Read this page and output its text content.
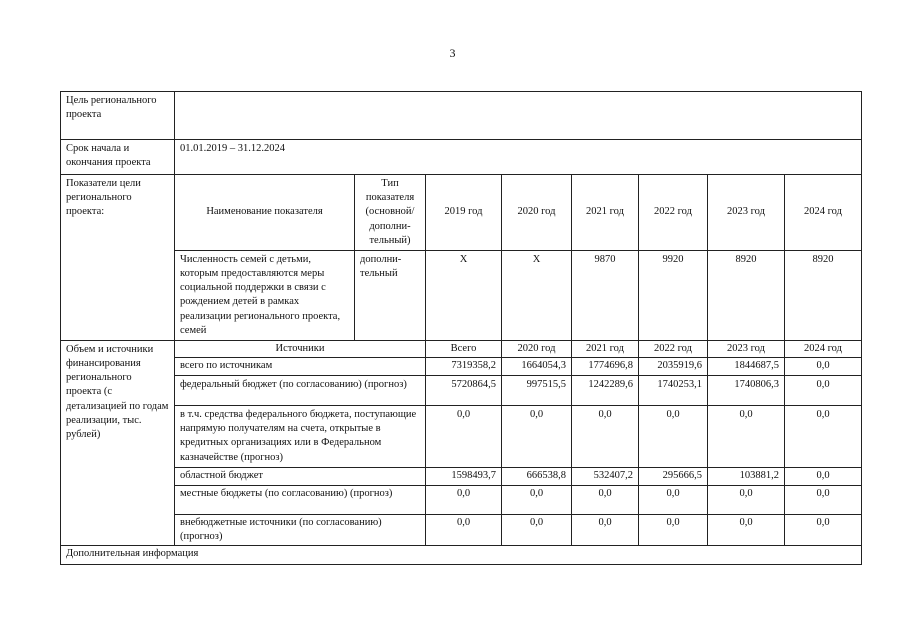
3
Цель регионального проекта								
Срок начала и окончания проекта	01.01.2019 – 31.12.2024							
Показатели цели регионального проекта:	Наименование показателя	Тип показателя (основной/ дополни- тельный)	2019 год	2020 год	2021 год	2022 год	2023 год	2024 год
	Численность семей с детьми, которым предоставляются меры социальной поддержки в связи с рождением детей в рамках реализации регионального проекта, семей	дополни- тельный	Х	Х	9870	9920	8920	8920
Объем и источники финансирования регионального проекта (с детализацией по годам реализации, тыс. рублей)	Источники		Всего	2020 год	2021 год	2022 год	2023 год	2024 год
	всего по источникам		7319358,2	1664054,3	1774696,8	2035919,6	1844687,5	0,0
	федеральный бюджет (по согласованию) (прогноз)		5720864,5	997515,5	1242289,6	1740253,1	1740806,3	0,0
	в т.ч. средства федерального бюджета, поступающие напрямую получателям на счета, открытые в кредитных организациях или в Федеральном казначействе (прогноз)		0,0	0,0	0,0	0,0	0,0	0,0
	областной бюджет		1598493,7	666538,8	532407,2	295666,5	103881,2	0,0
	местные бюджеты (по согласованию) (прогноз)		0,0	0,0	0,0	0,0	0,0	0,0
	внебюджетные источники (по согласованию) (прогноз)		0,0	0,0	0,0	0,0	0,0	0,0
Дополнительная информация								
